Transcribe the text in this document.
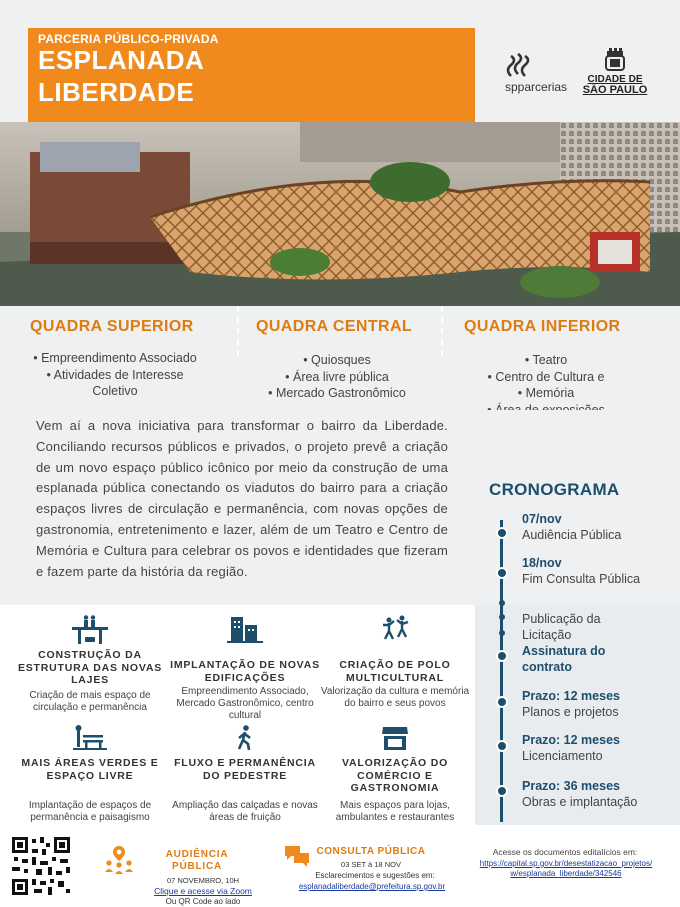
PARCERIA PÚBLICO-PRIVADA
ESPLANADA
LIBERDADE	spparcerias
CIDADE DE
SÃO PAULO
QUADRA SUPERIOR
• Empreendimento Associado
• Atividades de Interesse
Coletivo
QUADRA CENTRAL
• Quiosques
• Área livre pública
• Mercado Gastronômico
QUADRA INFERIOR
• Teatro
• Centro de Cultura e
• Memória
•
•
•

Vem aí a nova iniciativa para transformar o bairro da Liberdade. Conciliando recursos públicos e privados, o projeto prevê a criação de um novo espaço público icônico por meio da construção de uma esplanada pública conectando os viadutos do bairro para a criação espaços livres de circulação e permanência, com novas opções de gastronomia, entretenimento e lazer, além de um Teatro e Centro de Memória e Cultura para celebrar os povos e identidades que fizeram e fazem parte da história da região.

CRONOGRAMA
07/nov
Audiência Pública
18/nov
Fim Consulta Pública
Publicação da Licitação
Assinatura do contrato
Prazo: 12 meses
Planos e projetos
Prazo: 12 meses
Licenciamento
Prazo: 36 meses
Obras e implantação
CONSTRUÇÃO DA ESTRUTURA DAS NOVAS LAJES
Criação de mais espaço de circulação e permanência
IMPLANTAÇÃO DE NOVAS EDIFICAÇÕES
Empreendimento Associado, Mercado Gastronômico, centro cultural
CRIAÇÃO DE POLO MULTICULTURAL
Valorização da cultura e memória do bairro e seus povos
MAIS ÁREAS VERDES E ESPAÇO LIVRE
Implantação de espaços de permanência e paisagismo
FLUXO E PERMANÊNCIA DO PEDESTRE
Ampliação das calçadas e novas áreas de fruição
VALORIZAÇÃO DO COMÉRCIO E GASTRONOMIA
Mais espaços para lojas, ambulantes e restaurantes
AUDIÊNCIA PÚBLICA
07 NOVEMBRO, 10H
Clique e acesse via Zoom
Ou QR Code ao lado
CONSULTA PÚBLICA
03 SET à 18 NOV
Esclarecimentos e sugestões em:
esplanadaliberdade@prefeitura.sp.gov.br
Acesse os documentos editalícios em:
https://capital.sp.gov.br/desestatizacao_projetos/w/esplanada_liberdade/342546
